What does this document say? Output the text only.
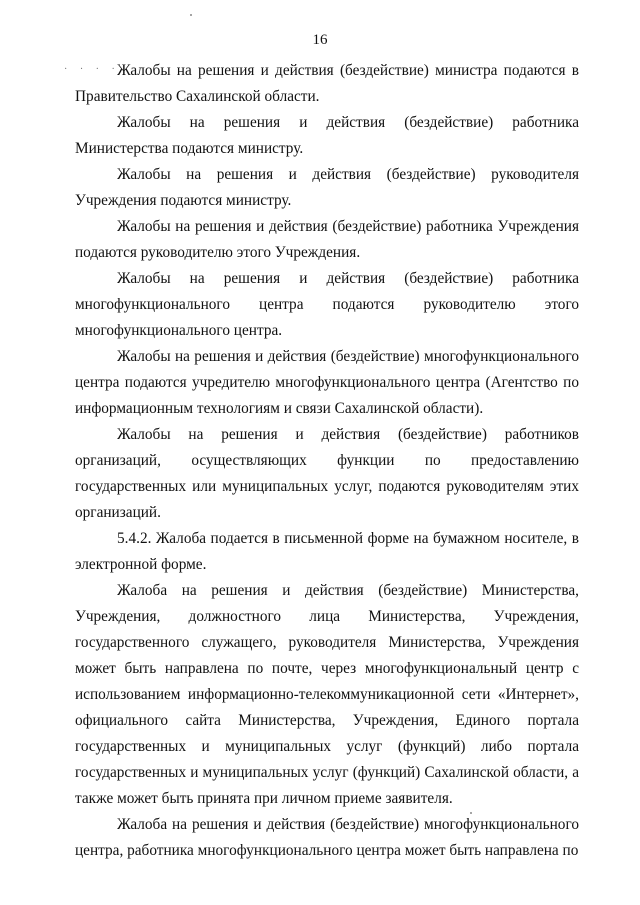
16
· · · ·

Жалобы на решения и действия (бездействие) министра подаются в Правительство Сахалинской области.

Жалобы на решения и действия (бездействие) работника Министерства подаются министру.

Жалобы на решения и действия (бездействие) руководителя Учреждения подаются министру.

Жалобы на решения и действия (бездействие) работника Учреждения подаются руководителю этого Учреждения.

Жалобы на решения и действия (бездействие) работника многофункционального центра подаются руководителю этого многофункционального центра.

Жалобы на решения и действия (бездействие) многофункционального центра подаются учредителю многофункционального центра (Агентство по информационным технологиям и связи Сахалинской области).

Жалобы на решения и действия (бездействие) работников организаций, осуществляющих функции по предоставлению государственных или муниципальных услуг, подаются руководителям этих организаций.

5.4.2. Жалоба подается в письменной форме на бумажном носителе, в электронной форме.

Жалоба на решения и действия (бездействие) Министерства, Учреждения, должностного лица Министерства, Учреждения, государственного служащего, руководителя Министерства, Учреждения может быть направлена по почте, через многофункциональный центр с использованием информационно-телекоммуникационной сети «Интернет», официального сайта Министерства, Учреждения, Единого портала государственных и муниципальных услуг (функций) либо портала государственных и муниципальных услуг (функций) Сахалинской области, а также может быть принята при личном приеме заявителя.

Жалоба на решения и действия (бездействие) многофункционального центра, работника многофункционального центра может быть направлена по
